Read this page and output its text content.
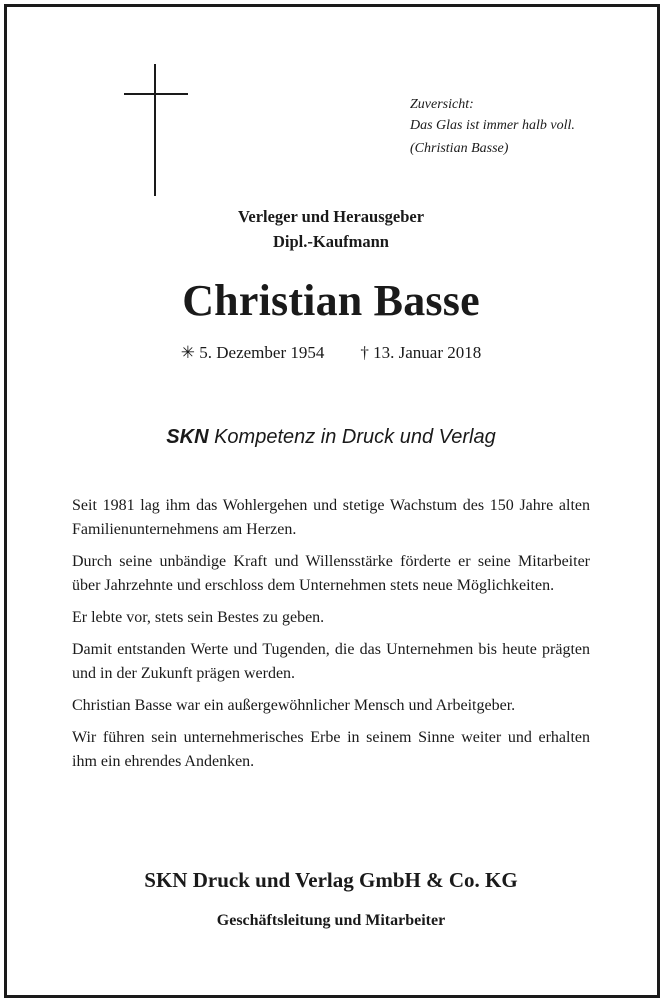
Zuversicht:
Das Glas ist immer halb voll.
(Christian Basse)
Verleger und Herausgeber
Dipl.-Kaufmann
Christian Basse
✳ 5. Dezember 1954 † 13. Januar 2018
SKN Kompetenz in Druck und Verlag

Seit 1981 lag ihm das Wohlergehen und stetige Wachstum des 150 Jahre alten Familienunternehmens am Herzen.

Durch seine unbändige Kraft und Willensstärke förderte er seine Mitarbeiter über Jahrzehnte und erschloss dem Unternehmen stets neue Möglichkeiten.

Er lebte vor, stets sein Bestes zu geben.

Damit entstanden Werte und Tugenden, die das Unternehmen bis heute prägten und in der Zukunft prägen werden.

Christian Basse war ein außergewöhnlicher Mensch und Arbeitgeber.

Wir führen sein unternehmerisches Erbe in seinem Sinne weiter und erhalten ihm ein ehrendes Andenken.

SKN Druck und Verlag GmbH & Co. KG
Geschäftsleitung und Mitarbeiter
